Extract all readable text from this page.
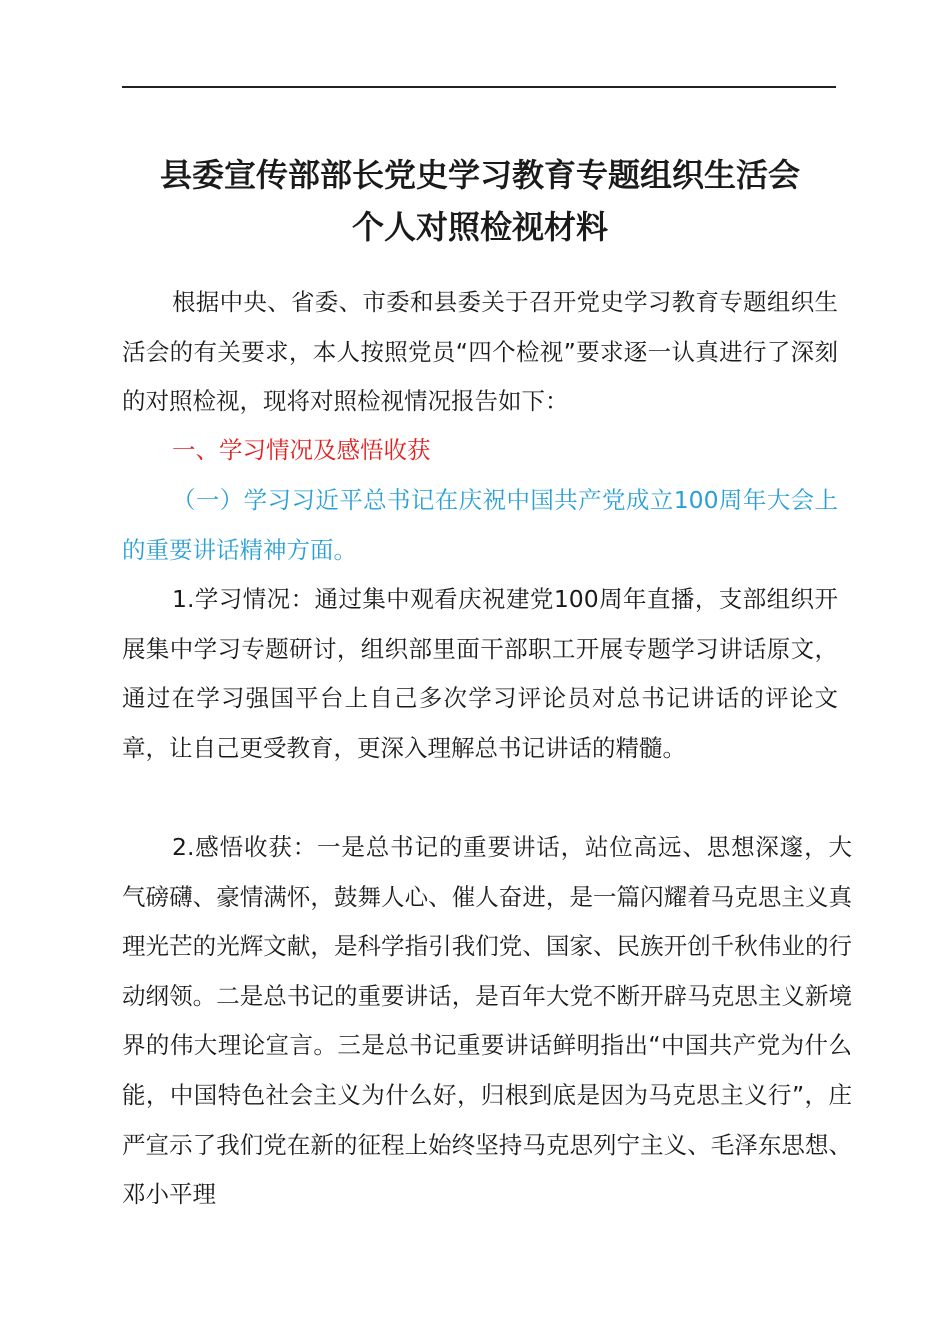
县委宣传部部长党史学习教育专题组织生活会
个人对照检视材料

根据中央、省委、市委和县委关于召开党史学习教育专题组织生活会的有关要求，本人按照党员“四个检视”要求逐一认真进行了深刻的对照检视，现将对照检视情况报告如下：

一、学习情况及感悟收获

（一）学习习近平总书记在庆祝中国共产党成立100周年大会上的重要讲话精神方面。

1.学习情况：通过集中观看庆祝建党100周年直播，支部组织开展集中学习专题研讨，组织部里面干部职工开展专题学习讲话原文，通过在学习强国平台上自己多次学习评论员对总书记讲话的评论文章，让自己更受教育，更深入理解总书记讲话的精髓。

2.感悟收获：一是总书记的重要讲话，站位高远、思想深邃，大气磅礴、豪情满怀，鼓舞人心、催人奋进，是一篇闪耀着马克思主义真理光芒的光辉文献，是科学指引我们党、国家、民族开创千秋伟业的行动纲领。二是总书记的重要讲话，是百年大党不断开辟马克思主义新境界的伟大理论宣言。三是总书记重要讲话鲜明指出“中国共产党为什么能，中国特色社会主义为什么好，归根到底是因为马克思主义行”，庄严宣示了我们党在新的征程上始终坚持马克思列宁主义、毛泽东思想、邓小平理
